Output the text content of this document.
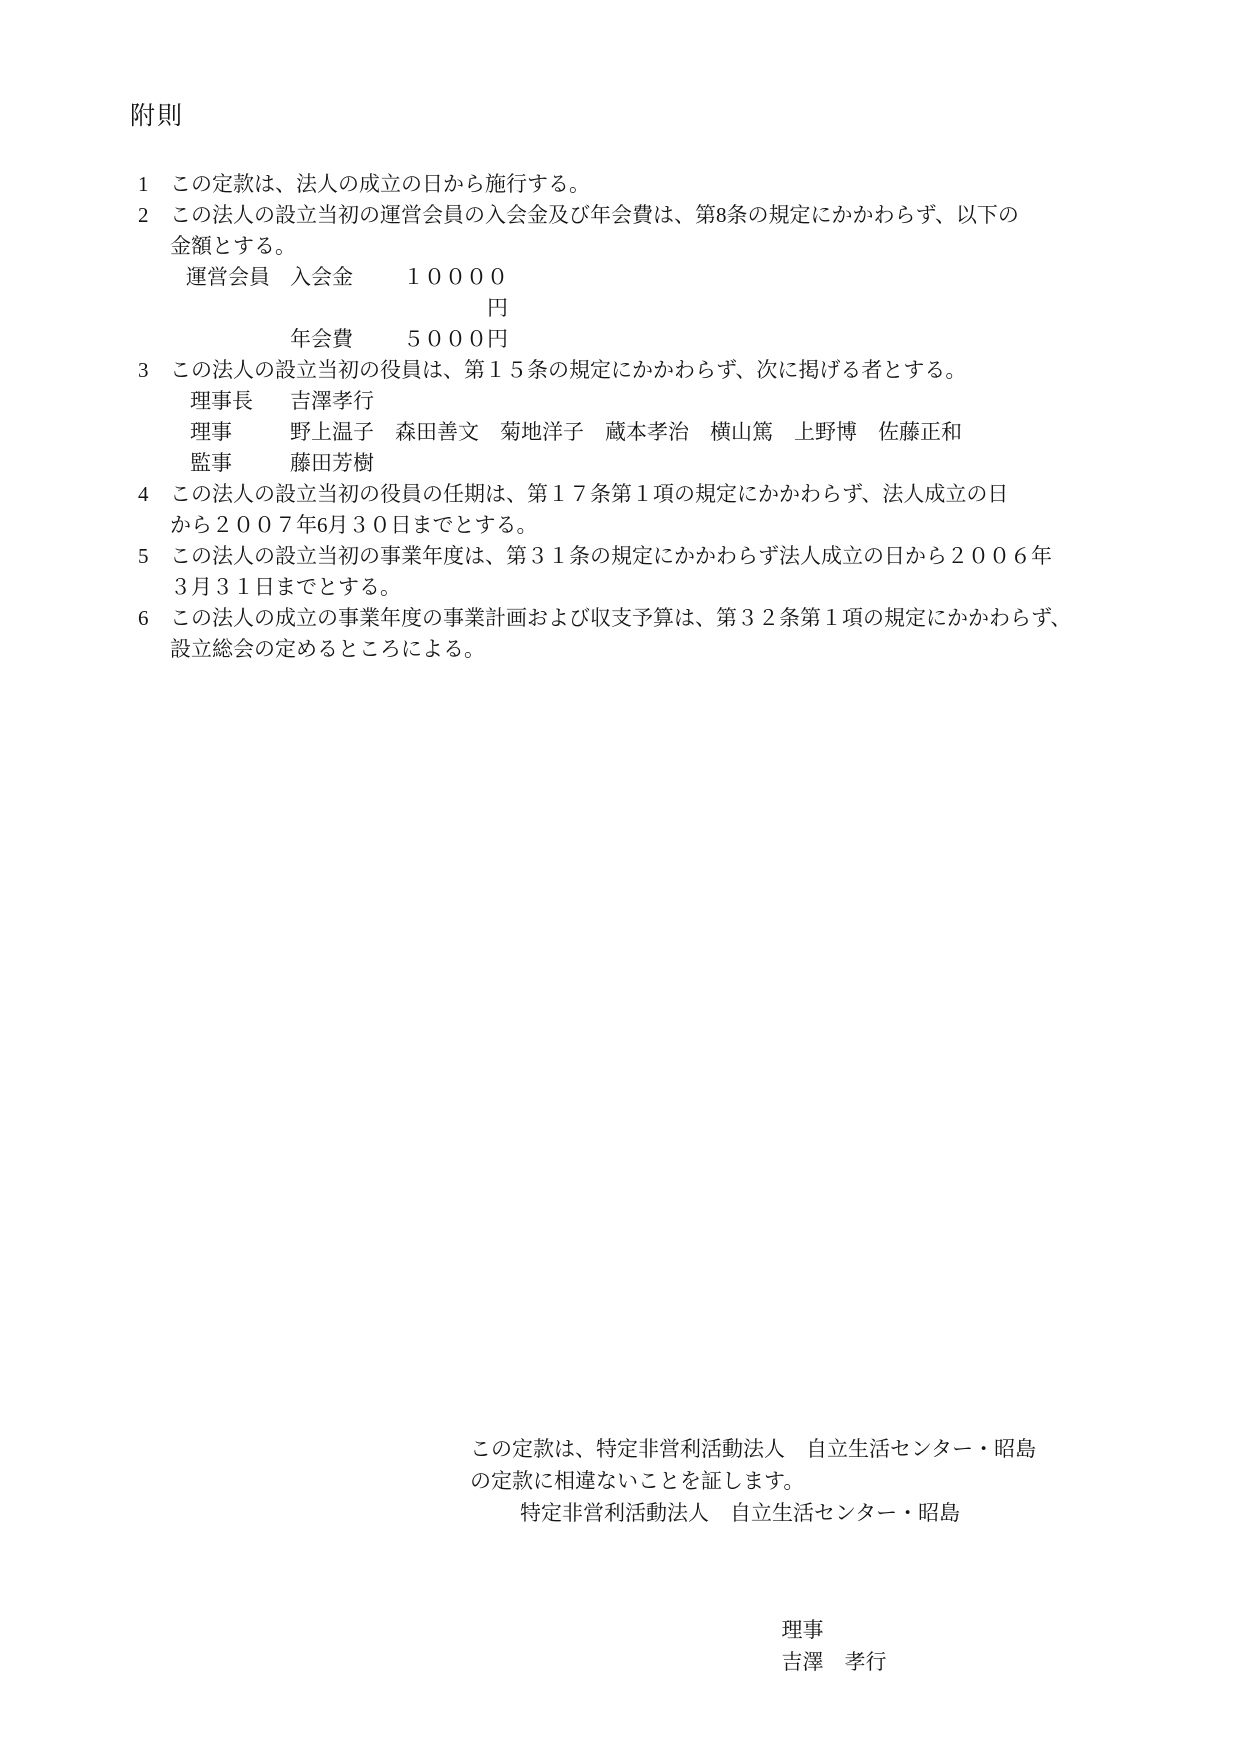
附則
1	この定款は、法人の成立の日から施行する。
2	この法人の設立当初の運営会員の入会金及び年会費は、第8条の規定にかかわらず、以下の
金額とする。
運営会員 入会金	１００００円
年会費	５０００円
3	この法人の設立当初の役員は、第１５条の規定にかかわらず、次に掲げる者とする。
理事長	吉澤孝行
理事	野上温子　森田善文　菊地洋子　蔵本孝治　横山篤　上野博　佐藤正和
監事	藤田芳樹
4	この法人の設立当初の役員の任期は、第１７条第１項の規定にかかわらず、法人成立の日
から２００７年6月３０日までとする。
5	この法人の設立当初の事業年度は、第３１条の規定にかかわらず法人成立の日から２００６年
３月３１日までとする。
6	この法人の成立の事業年度の事業計画および収支予算は、第３２条第１項の規定にかかわらず、
設立総会の定めるところによる。
この定款は、特定非営利活動法人　自立生活センター・昭島
の定款に相違ないことを証します。
特定非営利活動法人　自立生活センター・昭島

理事
吉澤　孝行
